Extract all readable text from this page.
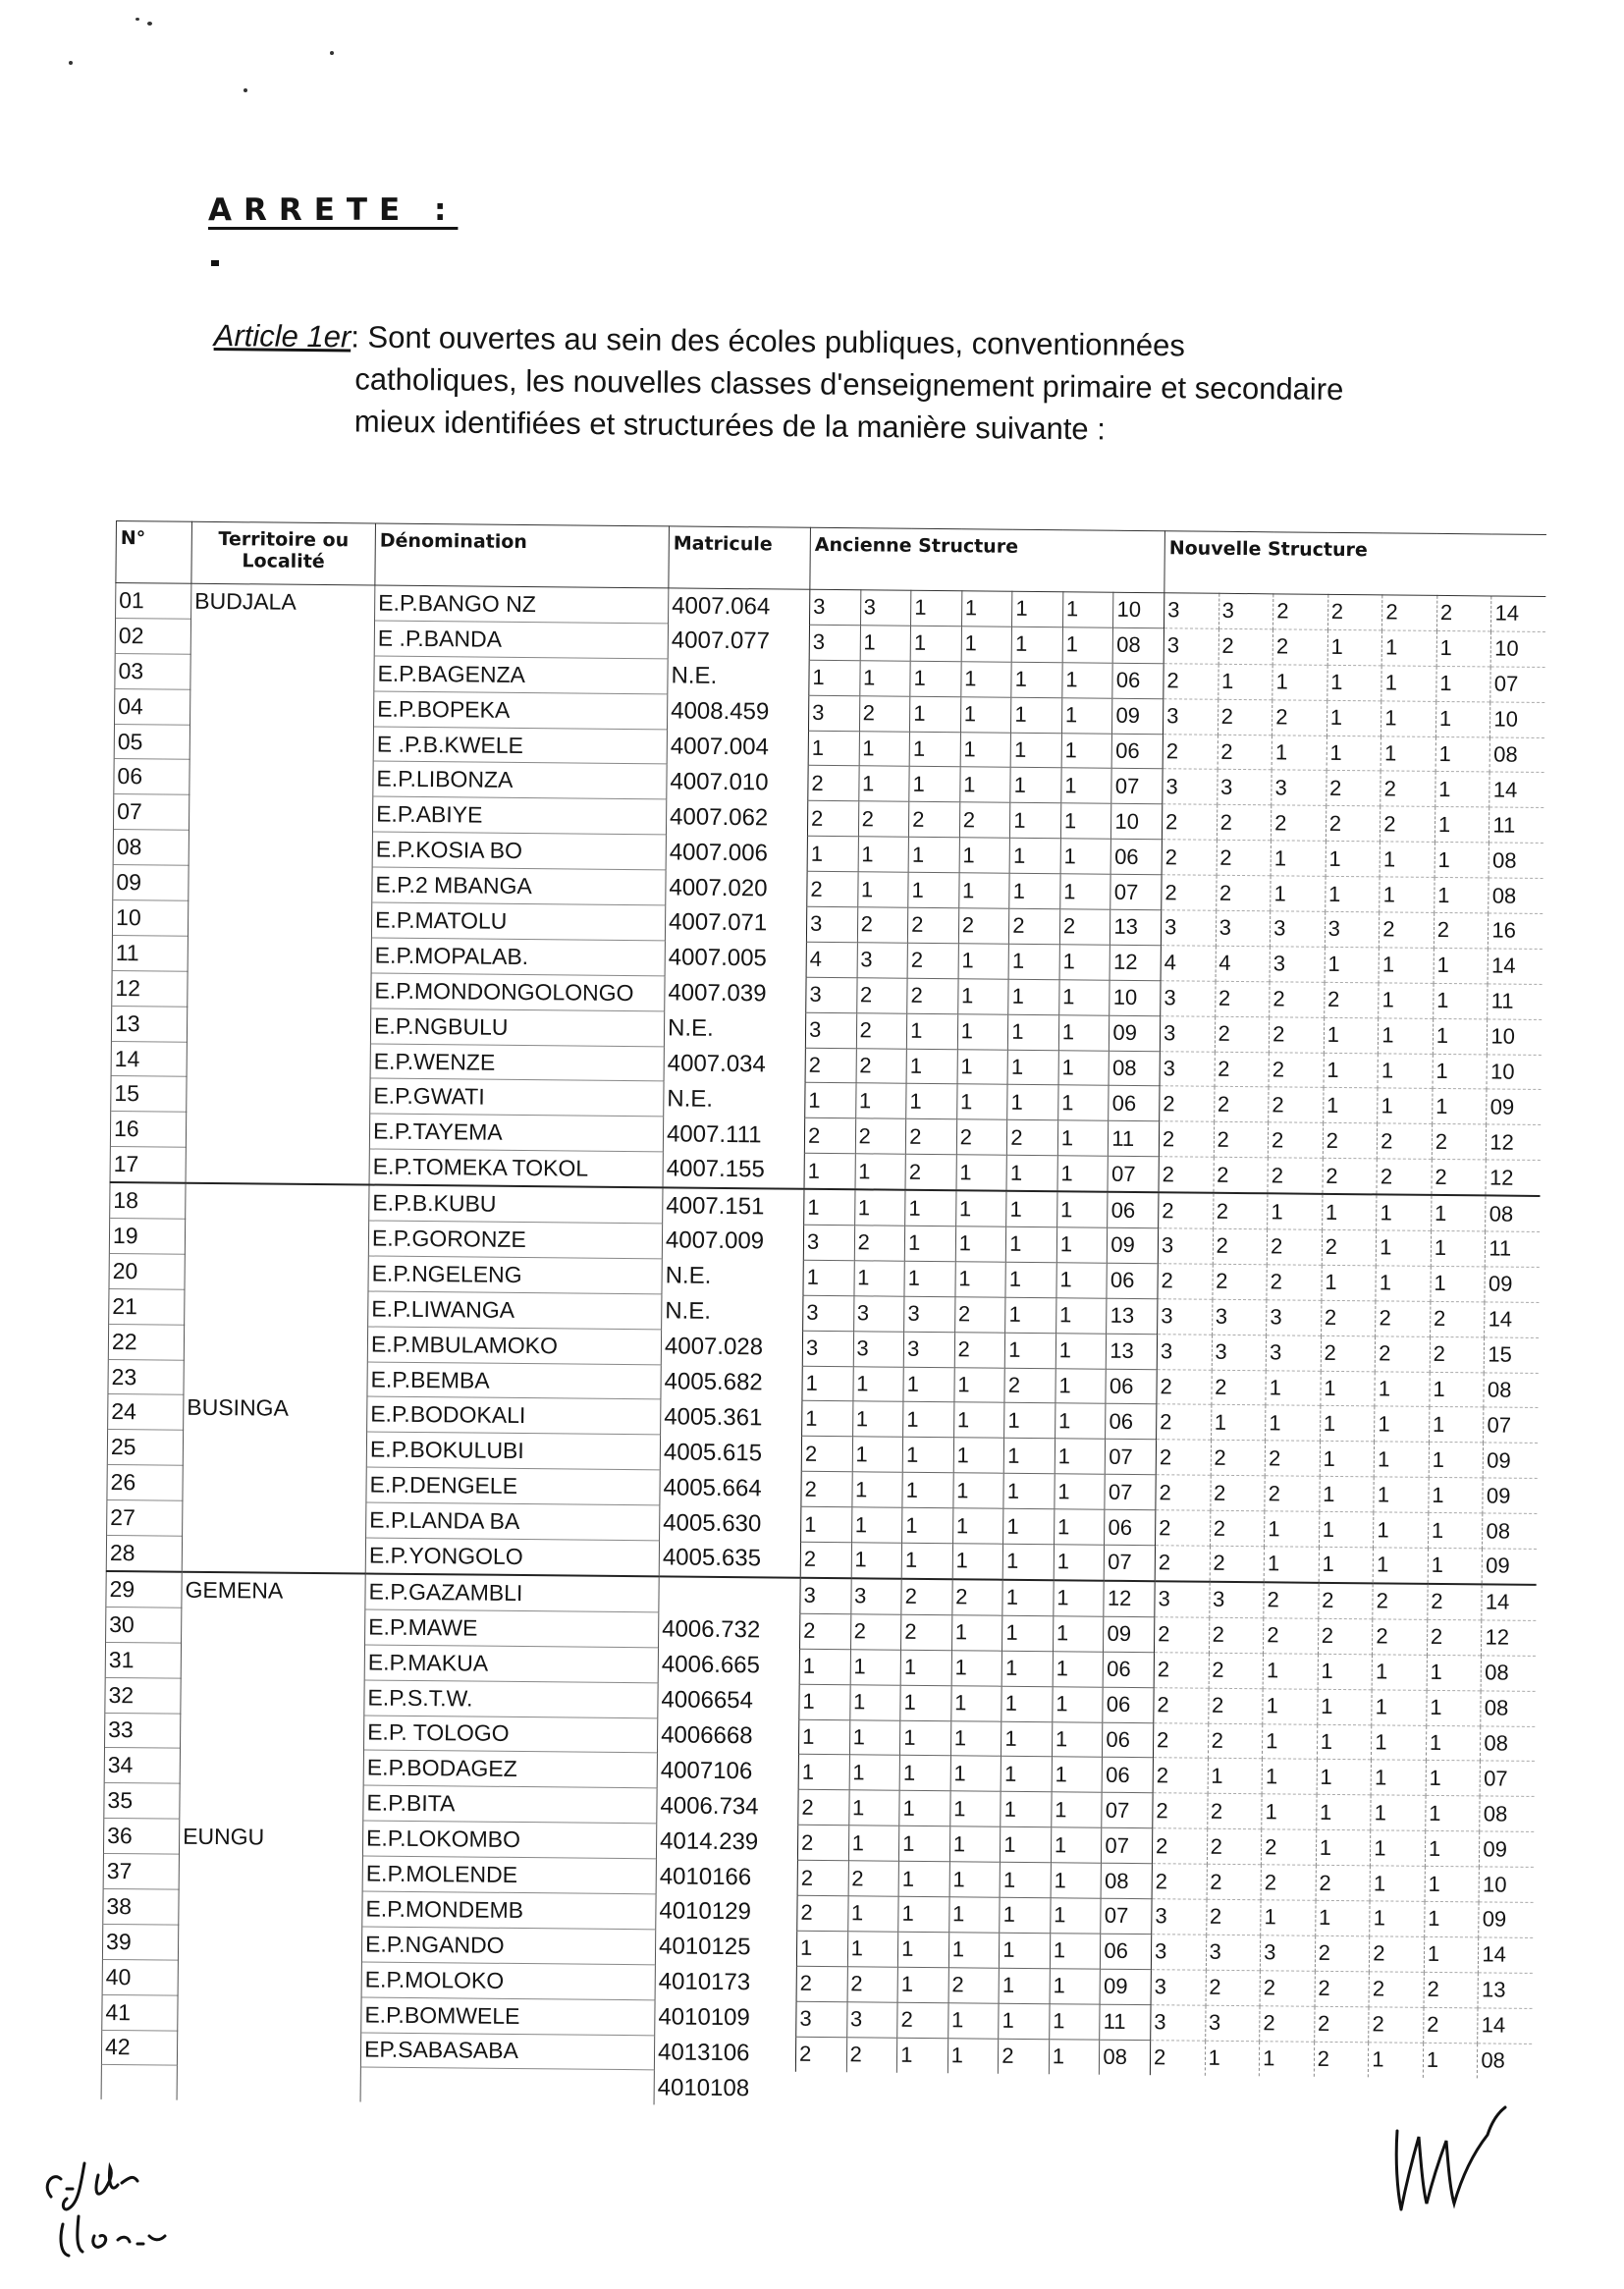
ARRETE :
Article 1er: Sont ouvertes au sein des écoles publiques, conventionnées
catholiques, les nouvelles classes d'enseignement primaire et secondaire
mieux identifiées et structurées de la manière suivante :
N°	Territoire ou Localité	Dénomination	Matricule	Ancienne Structure							Nouvelle Structure						
01	BUDJALA	E.P.BANGO NZ	4007.064	3	3	1	1	1	1	10	3	3	2	2	2	2	14
02		E .P.BANDA	4007.077	3	1	1	1	1	1	08	3	2	2	1	1	1	10
03		E.P.BAGENZA	N.E.	1	1	1	1	1	1	06	2	1	1	1	1	1	07
04		E.P.BOPEKA	4008.459	3	2	1	1	1	1	09	3	2	2	1	1	1	10
05		E .P.B.KWELE	4007.004	1	1	1	1	1	1	06	2	2	1	1	1	1	08
06		E.P.LIBONZA	4007.010	2	1	1	1	1	1	07	3	3	3	2	2	1	14
07		E.P.ABIYE	4007.062	2	2	2	2	1	1	10	2	2	2	2	2	1	11
08		E.P.KOSIA BO	4007.006	1	1	1	1	1	1	06	2	2	1	1	1	1	08
09		E.P.2 MBANGA	4007.020	2	1	1	1	1	1	07	2	2	1	1	1	1	08
10		E.P.MATOLU	4007.071	3	2	2	2	2	2	13	3	3	3	3	2	2	16
11		E.P.MOPALAB.	4007.005	4	3	2	1	1	1	12	4	4	3	1	1	1	14
12		E.P.MONDONGOLONGO	4007.039	3	2	2	1	1	1	10	3	2	2	2	1	1	11
13		E.P.NGBULU	N.E.	3	2	1	1	1	1	09	3	2	2	1	1	1	10
14		E.P.WENZE	4007.034	2	2	1	1	1	1	08	3	2	2	1	1	1	10
15		E.P.GWATI	N.E.	1	1	1	1	1	1	06	2	2	2	1	1	1	09
16		E.P.TAYEMA	4007.111	2	2	2	2	2	1	11	2	2	2	2	2	2	12
17		E.P.TOMEKA TOKOL	4007.155	1	1	2	1	1	1	07	2	2	2	2	2	2	12
18	BUSINGA	E.P.B.KUBU	4007.151	1	1	1	1	1	1	06	2	2	1	1	1	1	08
19		E.P.GORONZE	4007.009	3	2	1	1	1	1	09	3	2	2	2	1	1	11
20		E.P.NGELENG	N.E.	1	1	1	1	1	1	06	2	2	2	1	1	1	09
21		E.P.LIWANGA	N.E.	3	3	3	2	1	1	13	3	3	3	2	2	2	14
22		E.P.MBULAMOKO	4007.028	3	3	3	2	1	1	13	3	3	3	2	2	2	15
23		E.P.BEMBA	4005.682	1	1	1	1	2	1	06	2	2	1	1	1	1	08
24		E.P.BODOKALI	4005.361	1	1	1	1	1	1	06	2	1	1	1	1	1	07
25		E.P.BOKULUBI	4005.615	2	1	1	1	1	1	07	2	2	2	1	1	1	09
26		E.P.DENGELE	4005.664	2	1	1	1	1	1	07	2	2	2	1	1	1	09
27		E.P.LANDA BA	4005.630	1	1	1	1	1	1	06	2	2	1	1	1	1	08
28		E.P.YONGOLO	4005.635	2	1	1	1	1	1	07	2	2	1	1	1	1	09
29	GEMENA	E.P.GAZAMBLI		3	3	2	2	1	1	12	3	3	2	2	2	2	14
30		E.P.MAWE	4006.732	2	2	2	1	1	1	09	2	2	2	2	2	2	12
31		E.P.MAKUA	4006.665	1	1	1	1	1	1	06	2	2	1	1	1	1	08
32		E.P.S.T.W.	4006654	1	1	1	1	1	1	06	2	2	1	1	1	1	08
33		E.P. TOLOGO	4006668	1	1	1	1	1	1	06	2	2	1	1	1	1	08
34		E.P.BODAGEZ	4007106	1	1	1	1	1	1	06	2	1	1	1	1	1	07
35		E.P.BITA	4006.734	2	1	1	1	1	1	07	2	2	1	1	1	1	08
36	EUNGU	E.P.LOKOMBO	4014.239	2	1	1	1	1	1	07	2	2	2	1	1	1	09
37		E.P.MOLENDE	4010166	2	2	1	1	1	1	08	2	2	2	2	1	1	10
38		E.P.MONDEMB	4010129	2	1	1	1	1	1	07	3	2	1	1	1	1	09
39		E.P.NGANDO	4010125	1	1	1	1	1	1	06	3	3	3	2	2	1	14
40		E.P.MOLOKO	4010173	2	2	1	2	1	1	09	3	2	2	2	2	2	13
41		E.P.BOMWELE	4010109	3	3	2	1	1	1	11	3	3	2	2	2	2	14
42		EP.SABASABA	4013106	2	2	1	1	2	1	08	2	1	1	2	1	1	08
			4010108														
